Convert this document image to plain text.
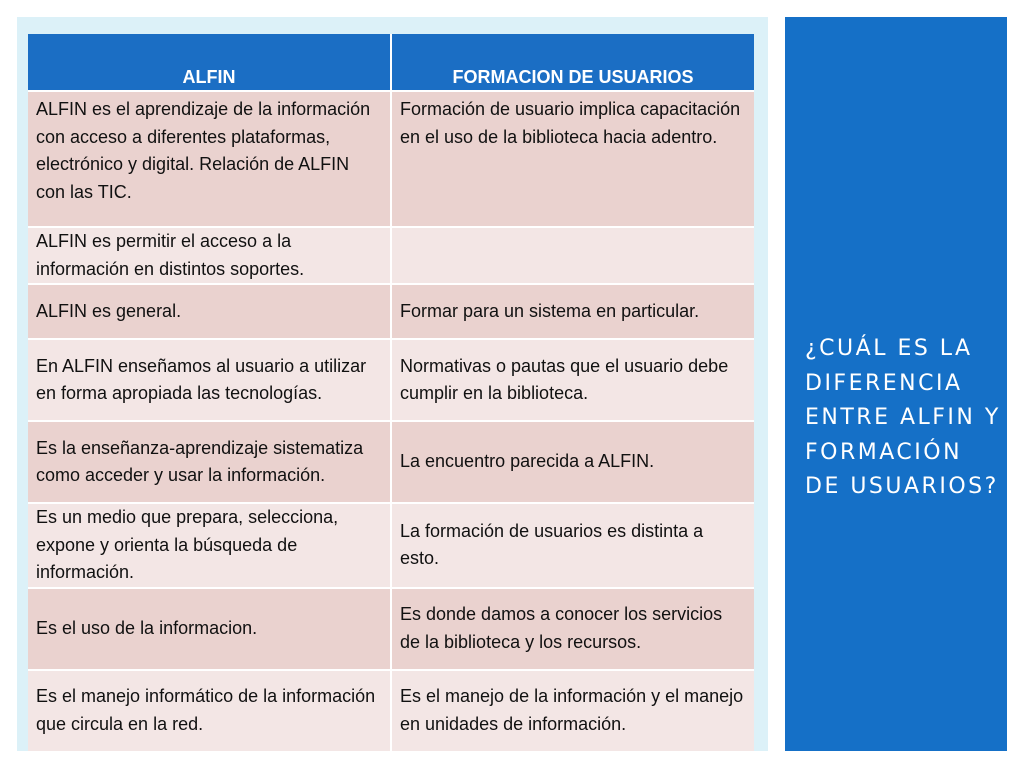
ALFIN	FORMACION DE USUARIOS
ALFIN es el aprendizaje de la información con acceso a diferentes plataformas, electrónico y digital. Relación de ALFIN con las TIC.	Formación de usuario implica capacitación en el uso de la biblioteca hacia adentro.
ALFIN es permitir el acceso a la información en distintos soportes.	
ALFIN es general.	Formar para un sistema en particular.
En ALFIN enseñamos al usuario a utilizar en forma apropiada las tecnologías.	Normativas o pautas que el usuario debe cumplir en la biblioteca.
Es la enseñanza-aprendizaje sistematiza como acceder y usar la información.	La encuentro parecida a ALFIN.
Es un medio que prepara, selecciona, expone y orienta la búsqueda de información.	La formación de usuarios es distinta a esto.
Es el uso de la informacion.	Es donde damos a conocer los servicios de la biblioteca y los recursos.
Es el manejo informático de la información que circula en la red.	Es el manejo de la información y el manejo en unidades de información.
¿CUÁL ES LA DIFERENCIA ENTRE ALFIN Y FORMACIÓN DE USUARIOS?
